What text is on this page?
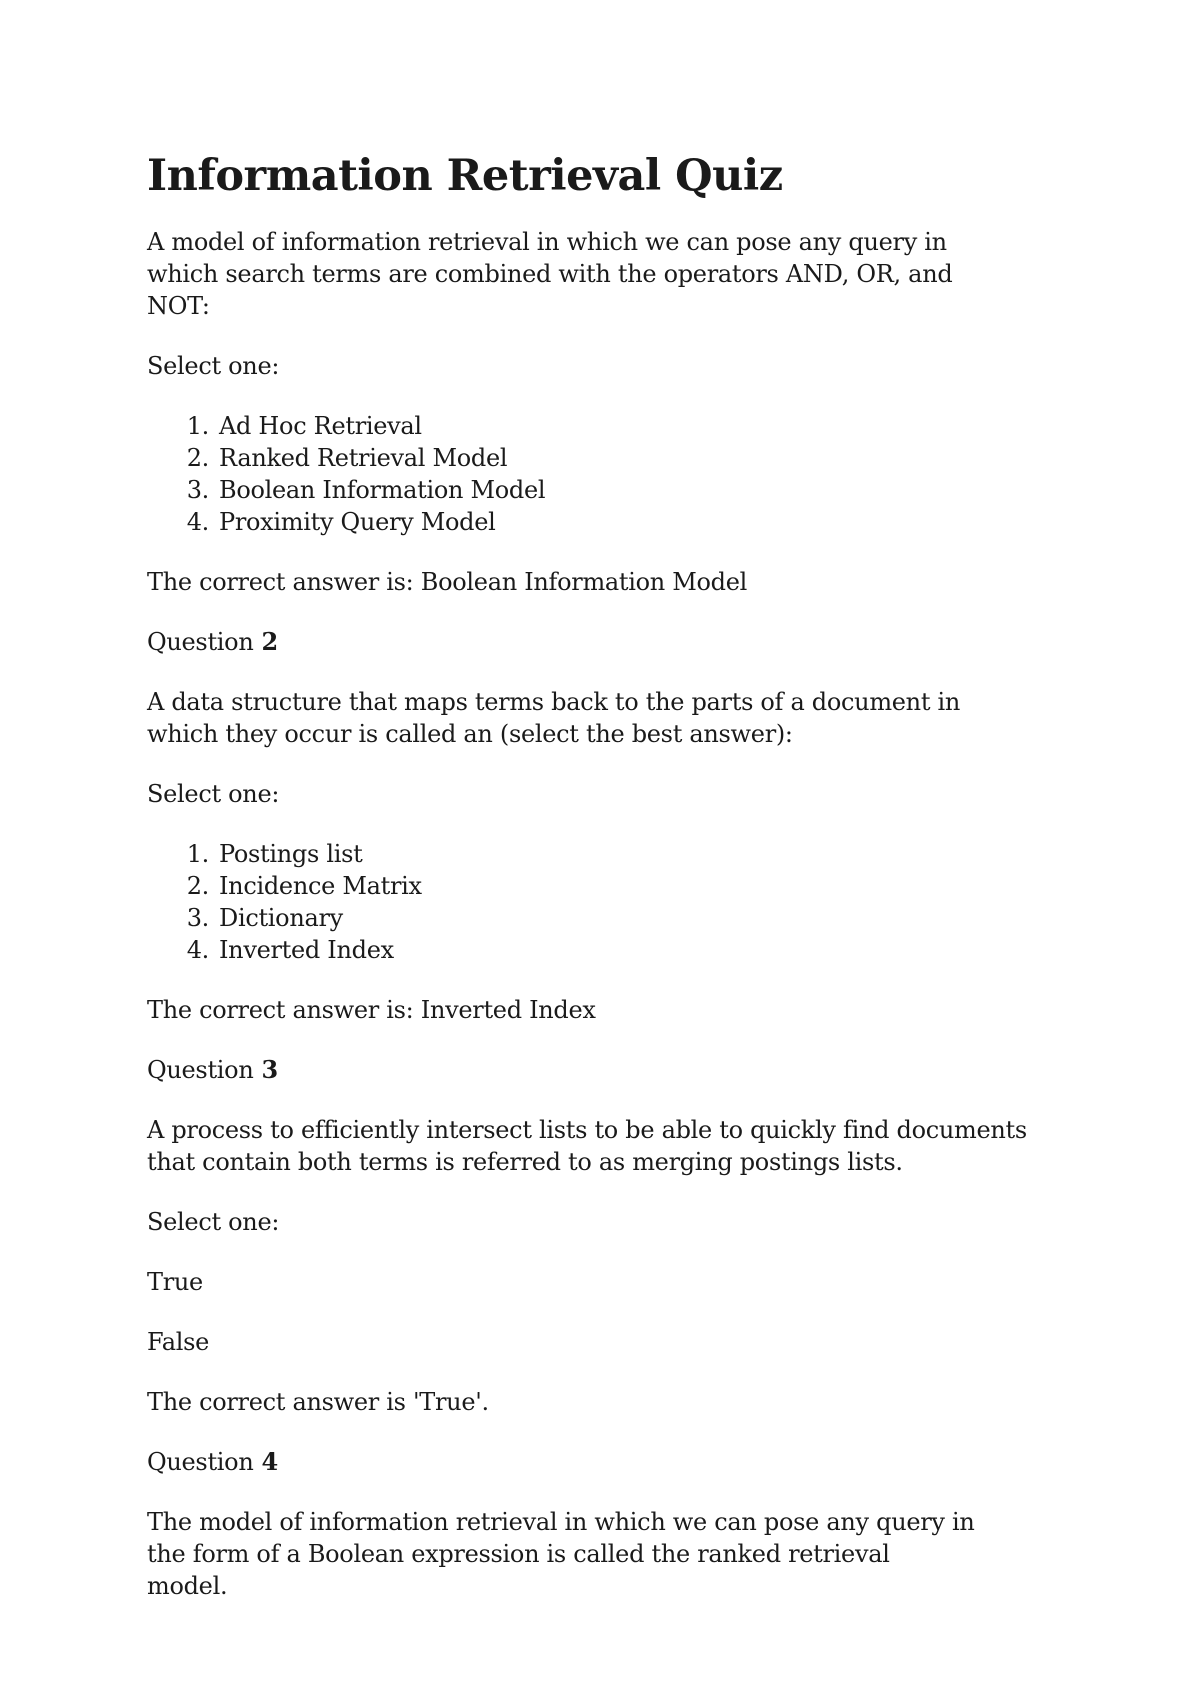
Information Retrieval Quiz

A model of information retrieval in which we can pose any query in which search terms are combined with the operators AND, OR, and NOT:

Select one:

1. Ad Hoc Retrieval
2. Ranked Retrieval Model
3. Boolean Information Model
4. Proximity Query Model

The correct answer is: Boolean Information Model

Question 2

A data structure that maps terms back to the parts of a document in which they occur is called an (select the best answer):

Select one:

1. Postings list
2. Incidence Matrix
3. Dictionary
4. Inverted Index

The correct answer is: Inverted Index

Question 3

A process to efficiently intersect lists to be able to quickly find documents that contain both terms is referred to as merging postings lists.

Select one:

True

False

The correct answer is 'True'.

Question 4

The model of information retrieval in which we can pose any query in the form of a Boolean expression is called the ranked retrieval model.
